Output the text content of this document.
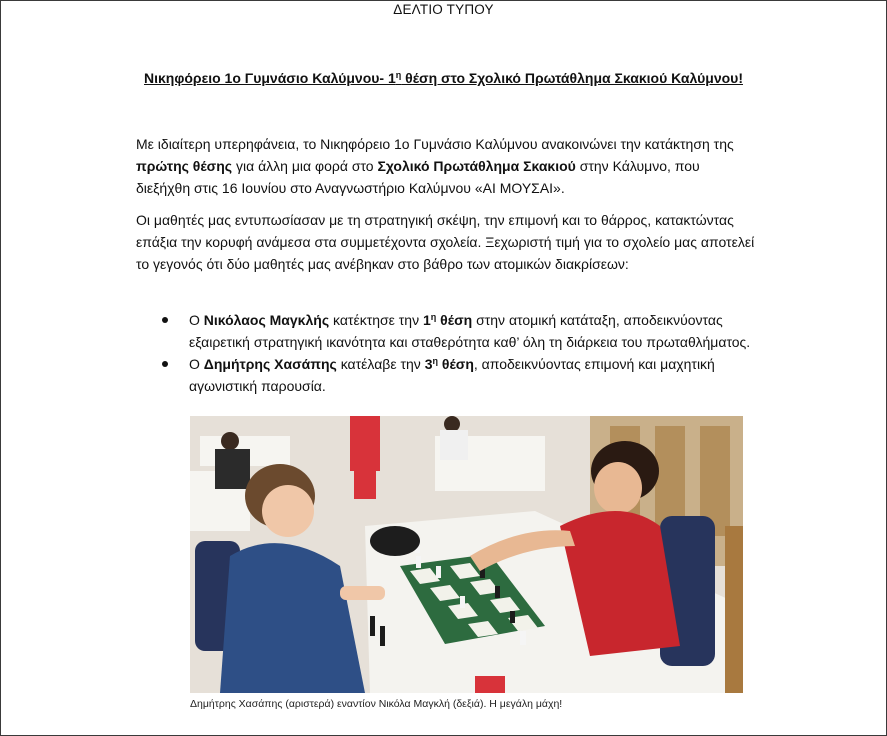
ΔΕΛΤΙΟ ΤΥΠΟΥ
Νικηφόρειο 1ο Γυμνάσιο Καλύμνου- $1^\eta$ θέση στο Σχολικό Πρωτάθλημα Σκακιού Καλύμνου!

Με ιδιαίτερη υπερηφάνεια, το Νικηφόρειο 1ο Γυμνάσιο Καλύμνου ανακοινώνει την κατάκτηση της πρώτης θέσης για άλλη μια φορά στο Σχολικό Πρωτάθλημα Σκακιού στην Κάλυμνο, που διεξήχθη στις 16 Ιουνίου στο Αναγνωστήριο Καλύμνου «ΑΙ ΜΟΥΣΑΙ».

Οι μαθητές μας εντυπωσίασαν με τη στρατηγική σκέψη, την επιμονή και το θάρρος, κατακτώντας επάξια την κορυφή ανάμεσα στα συμμετέχοντα σχολεία. Ξεχωριστή τιμή για το σχολείο μας αποτελεί το γεγονός ότι δύο μαθητές μας ανέβηκαν στο βάθρο των ατομικών διακρίσεων:

Ο Νικόλαος Μαγκλής κατέκτησε την $1^\eta$ θέση στην ατομική κατάταξη, αποδεικνύοντας εξαιρετική στρατηγική ικανότητα και σταθερότητα καθ’ όλη τη διάρκεια του πρωταθλήματος.
Ο Δημήτρης Χασάπης κατέλαβε την $3^\eta$ θέση, αποδεικνύοντας επιμονή και μαχητική αγωνιστική παρουσία.
Δημήτρης Χασάπης (αριστερά) εναντίον Νικόλα Μαγκλή (δεξιά). Η μεγάλη μάχη!
